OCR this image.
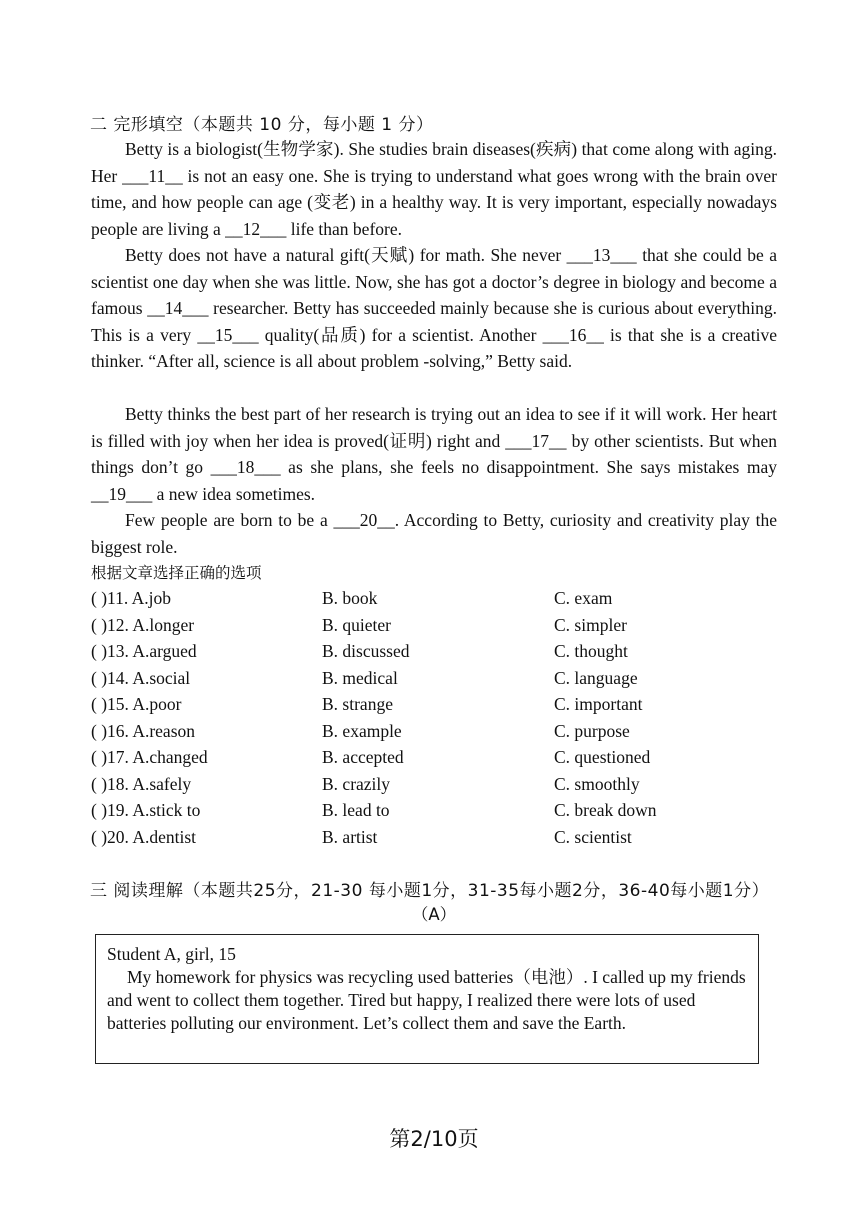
二 完形填空（本题共 10 分，每小题 1 分）

Betty is a biologist(生物学家). She studies brain diseases(疾病) that come along with aging. Her ___11__ is not an easy one. She is trying to understand what goes wrong with the brain over time, and how people can age (变老) in a healthy way. It is very important, especially nowadays people are living a __12___ life than before.

Betty does not have a natural gift(天赋) for math. She never ___13___ that she could be a scientist one day when she was little. Now, she has got a doctor’s degree in biology and become a famous __14___ researcher. Betty has succeeded mainly because she is curious about everything. This is a very __15___ quality(品质) for a scientist. Another ___16__ is that she is a creative thinker. “After all, science is all about problem -solving,” Betty said.

Betty thinks the best part of her research is trying out an idea to see if it will work. Her heart is filled with joy when her idea is proved(证明) right and ___17__ by other scientists. But when things don’t go ___18___ as she plans, she feels no disappointment. She says mistakes may __19___ a new idea sometimes.

Few people are born to be a ___20__. According to Betty, curiosity and creativity play the biggest role.

根据文章选择正确的选项
( )11. A.job	B. book	C. exam
( )12. A.longer	B. quieter	C. simpler
( )13. A.argued	B. discussed	C. thought
( )14. A.social	B. medical	C. language
( )15. A.poor	B. strange	C. important
( )16. A.reason	B. example	C. purpose
( )17. A.changed	B. accepted	C. questioned
( )18. A.safely	B. crazily	C. smoothly
( )19. A.stick to	B. lead to	C. break down
( )20. A.dentist	B. artist	C. scientist
三 阅读理解（本题共25分，21-30 每小题1分，31-35每小题2分，36-40每小题1分）
（A）

Student A, girl, 15

My homework for physics was recycling used batteries（电池）. I called up my friends and went to collect them together. Tired but happy, I realized there were lots of used batteries polluting our environment. Let’s collect them and save the Earth.

第2/10页
